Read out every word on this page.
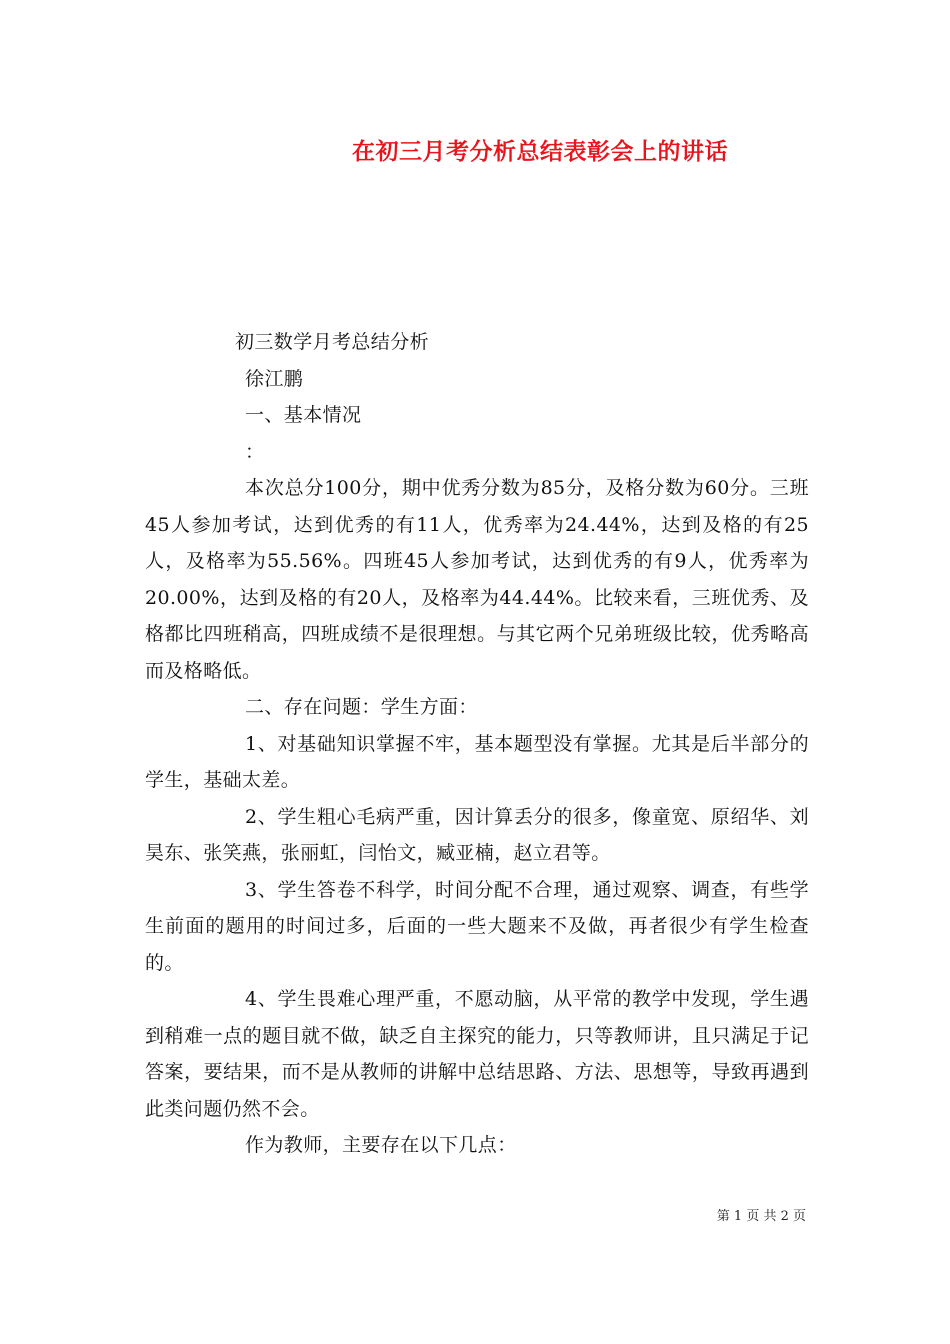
在初三月考分析总结表彰会上的讲话

初三数学月考总结分析

徐江鹏

一、基本情况

：

本次总分100分，期中优秀分数为85分，及格分数为60分。三班45人参加考试，达到优秀的有11人，优秀率为24.44%，达到及格的有25人，及格率为55.56%。四班45人参加考试，达到优秀的有9人，优秀率为20.00%，达到及格的有20人，及格率为44.44%。比较来看，三班优秀、及格都比四班稍高，四班成绩不是很理想。与其它两个兄弟班级比较，优秀略高而及格略低。

二、存在问题：学生方面：

1、对基础知识掌握不牢，基本题型没有掌握。尤其是后半部分的学生，基础太差。

2、学生粗心毛病严重，因计算丢分的很多，像童宽、原绍华、刘昊东、张笑燕，张丽虹，闫怡文，臧亚楠，赵立君等。

3、学生答卷不科学，时间分配不合理，通过观察、调查，有些学生前面的题用的时间过多，后面的一些大题来不及做，再者很少有学生检查的。

4、学生畏难心理严重，不愿动脑，从平常的教学中发现，学生遇到稍难一点的题目就不做，缺乏自主探究的能力，只等教师讲，且只满足于记答案，要结果，而不是从教师的讲解中总结思路、方法、思想等，导致再遇到此类问题仍然不会。

作为教师，主要存在以下几点：

第 1 页 共 2 页
